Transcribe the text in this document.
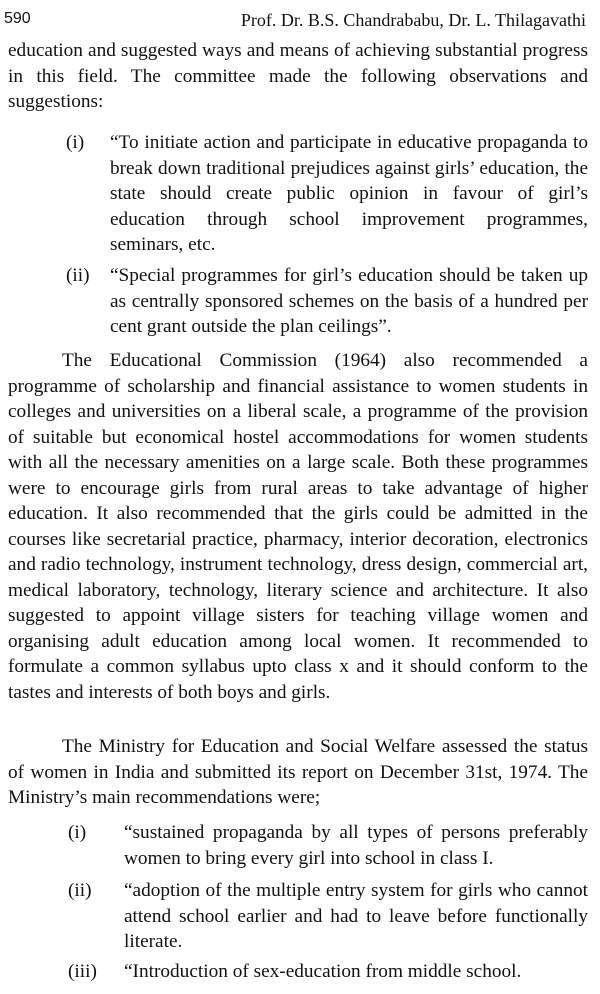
590	Prof. Dr. B.S. Chandrababu, Dr. L. Thilagavathi

education and suggested ways and means of achieving substantial progress in this field. The committee made the following observations and suggestions:

(i) “To initiate action and participate in educative propaganda to break down traditional prejudices against girls’ education, the state should create public opinion in favour of girl’s education through school improvement programmes, seminars, etc.
(ii) “Special programmes for girl’s education should be taken up as centrally sponsored schemes on the basis of a hundred per cent grant outside the plan ceilings”.

The Educational Commission (1964) also recommended a programme of scholarship and financial assistance to women students in colleges and universities on a liberal scale, a programme of the provision of suitable but economical hostel accommodations for women students with all the necessary amenities on a large scale. Both these programmes were to encourage girls from rural areas to take advantage of higher education. It also recommended that the girls could be admitted in the courses like secretarial practice, pharmacy, interior decoration, electronics and radio technology, instrument technology, dress design, commercial art, medical laboratory, technology, literary science and architecture. It also suggested to appoint village sisters for teaching village women and organising adult education among local women. It recommended to formulate a common syllabus upto class x and it should conform to the tastes and interests of both boys and girls.

The Ministry for Education and Social Welfare assessed the status of women in India and submitted its report on December 31st, 1974. The Ministry’s main recommendations were;

(i) “sustained propaganda by all types of persons preferably women to bring every girl into school in class I.
(ii) “adoption of the multiple entry system for girls who cannot attend school earlier and had to leave before functionally literate.
(iii) “Introduction of sex-education from middle school.
